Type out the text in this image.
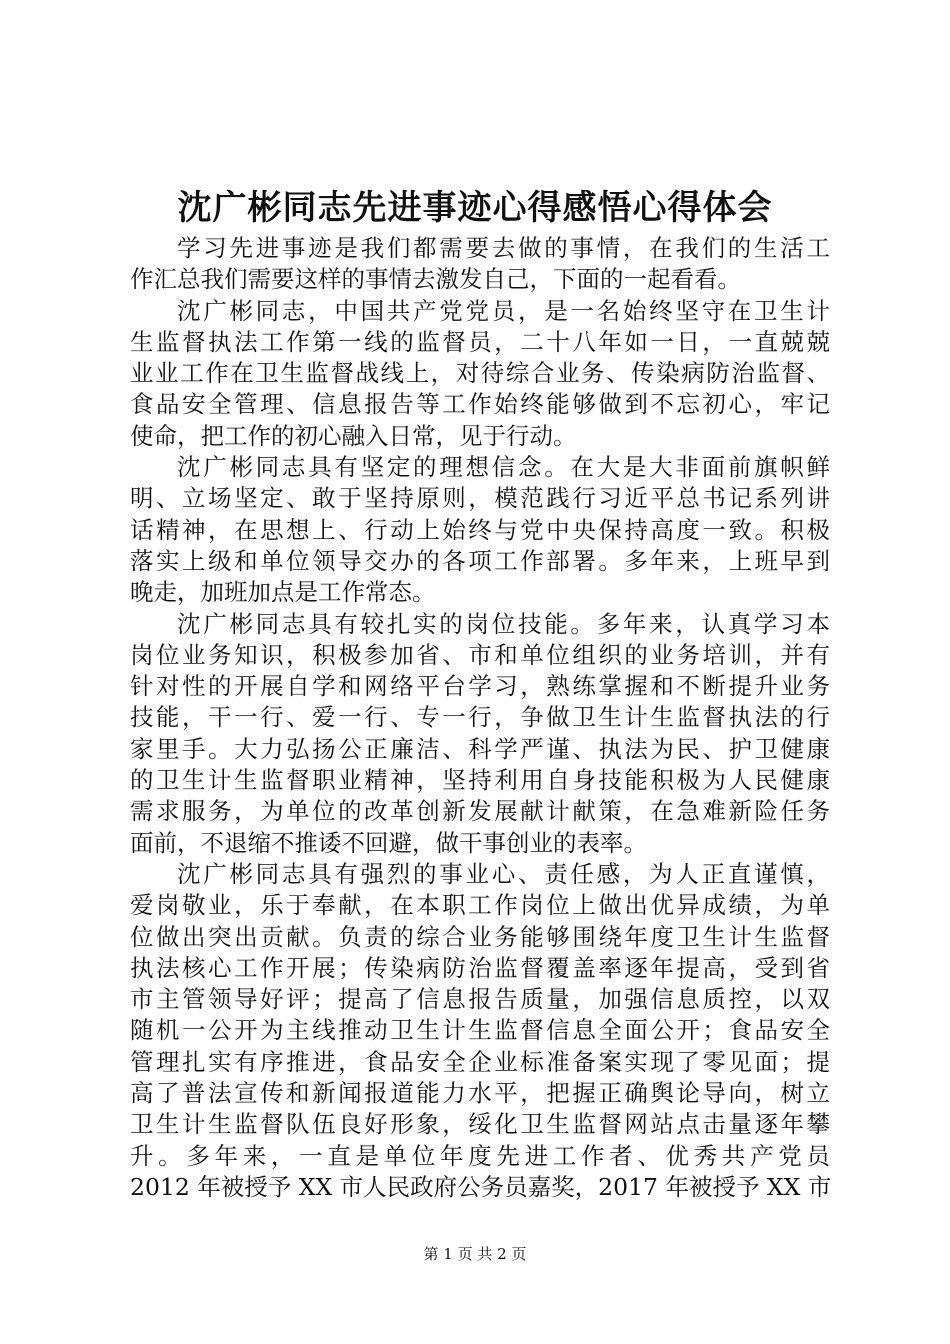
沈广彬同志先进事迹心得感悟心得体会
学习先进事迹是我们都需要去做的事情，在我们的生活工
作汇总我们需要这样的事情去激发自己，下面的一起看看。
沈广彬同志，中国共产党党员，是一名始终坚守在卫生计
生监督执法工作第一线的监督员，二十八年如一日，一直兢兢
业业工作在卫生监督战线上，对待综合业务、传染病防治监督、
食品安全管理、信息报告等工作始终能够做到不忘初心，牢记
使命，把工作的初心融入日常，见于行动。
沈广彬同志具有坚定的理想信念。在大是大非面前旗帜鲜
明、立场坚定、敢于坚持原则，模范践行习近平总书记系列讲
话精神，在思想上、行动上始终与党中央保持高度一致。积极
落实上级和单位领导交办的各项工作部署。多年来，上班早到
晚走，加班加点是工作常态。
沈广彬同志具有较扎实的岗位技能。多年来，认真学习本
岗位业务知识，积极参加省、市和单位组织的业务培训，并有
针对性的开展自学和网络平台学习，熟练掌握和不断提升业务
技能，干一行、爱一行、专一行，争做卫生计生监督执法的行
家里手。大力弘扬公正廉洁、科学严谨、执法为民、护卫健康
的卫生计生监督职业精神，坚持利用自身技能积极为人民健康
需求服务，为单位的改革创新发展献计献策，在急难新险任务
面前，不退缩不推诿不回避，做干事创业的表率。
沈广彬同志具有强烈的事业心、责任感，为人正直谨慎，
爱岗敬业，乐于奉献，在本职工作岗位上做出优异成绩，为单
位做出突出贡献。负责的综合业务能够围绕年度卫生计生监督
执法核心工作开展；传染病防治监督覆盖率逐年提高，受到省
市主管领导好评；提高了信息报告质量，加强信息质控，以双
随机一公开为主线推动卫生计生监督信息全面公开；食品安全
管理扎实有序推进，食品安全企业标准备案实现了零见面；提
高了普法宣传和新闻报道能力水平，把握正确舆论导向，树立
卫生计生监督队伍良好形象，绥化卫生监督网站点击量逐年攀
升。多年来，一直是单位年度先进工作者、优秀共产党员
2012 年被授予 XX 市人民政府公务员嘉奖，2017 年被授予 XX 市
第 1 页 共 2 页
